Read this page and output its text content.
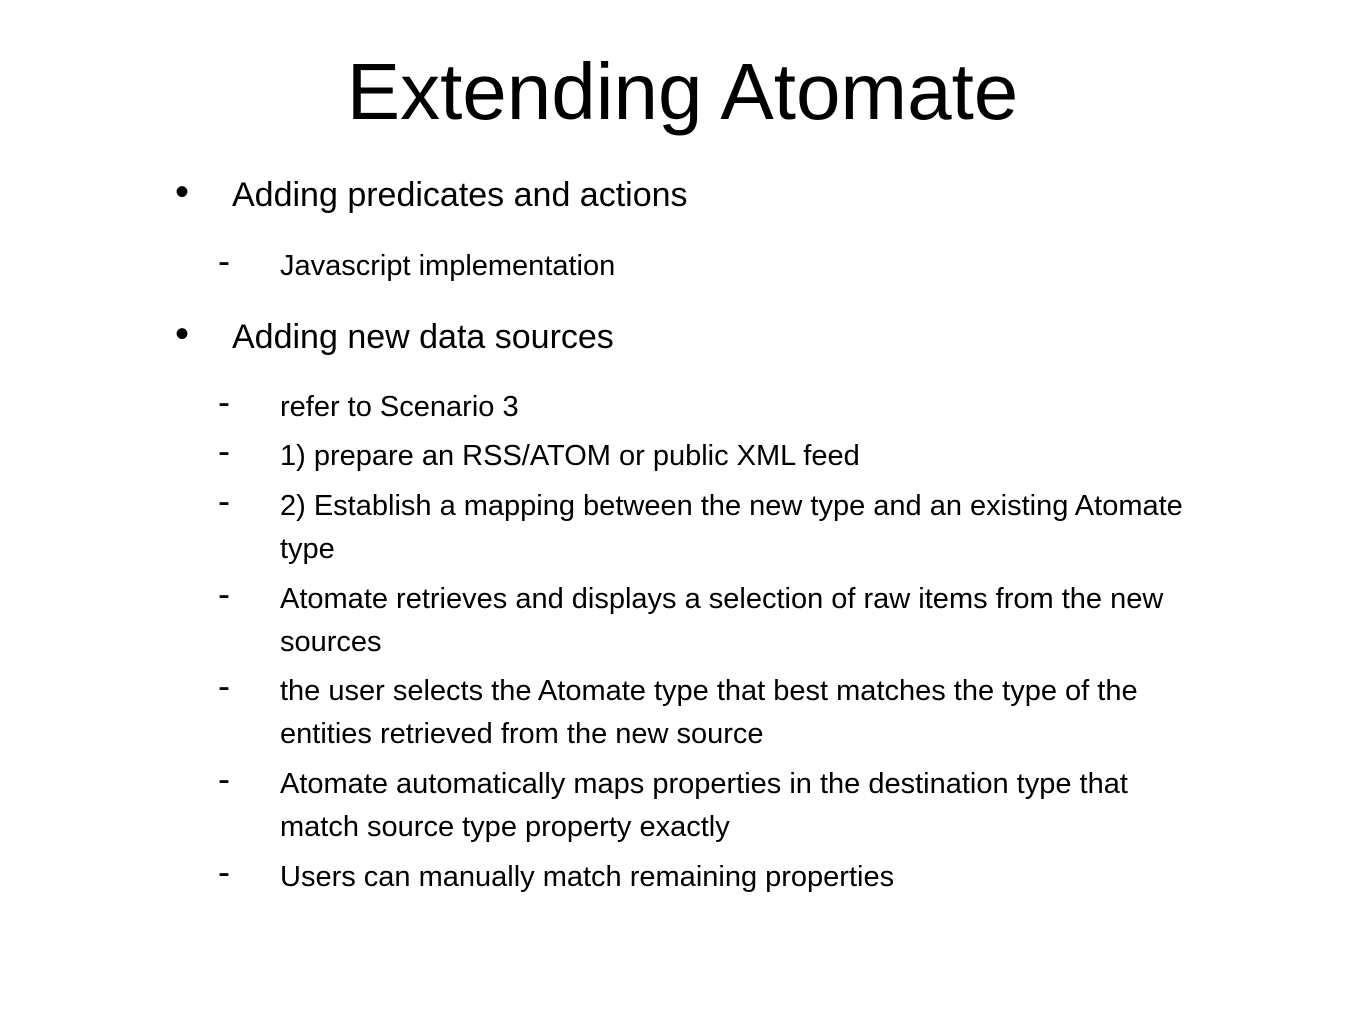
Extending Atomate
• Adding predicates and actions
- Javascript implementation
• Adding new data sources
- refer to Scenario 3
- 1) prepare an RSS/ATOM or public XML feed
- 2) Establish a mapping between the new type and an existing Atomate type
- Atomate retrieves and displays a selection of raw items from the new sources
- the user selects the Atomate type that best matches the type of the entities retrieved from the new source
- Atomate automatically maps properties in the destination type that match source type property exactly
- Users can manually match remaining properties
